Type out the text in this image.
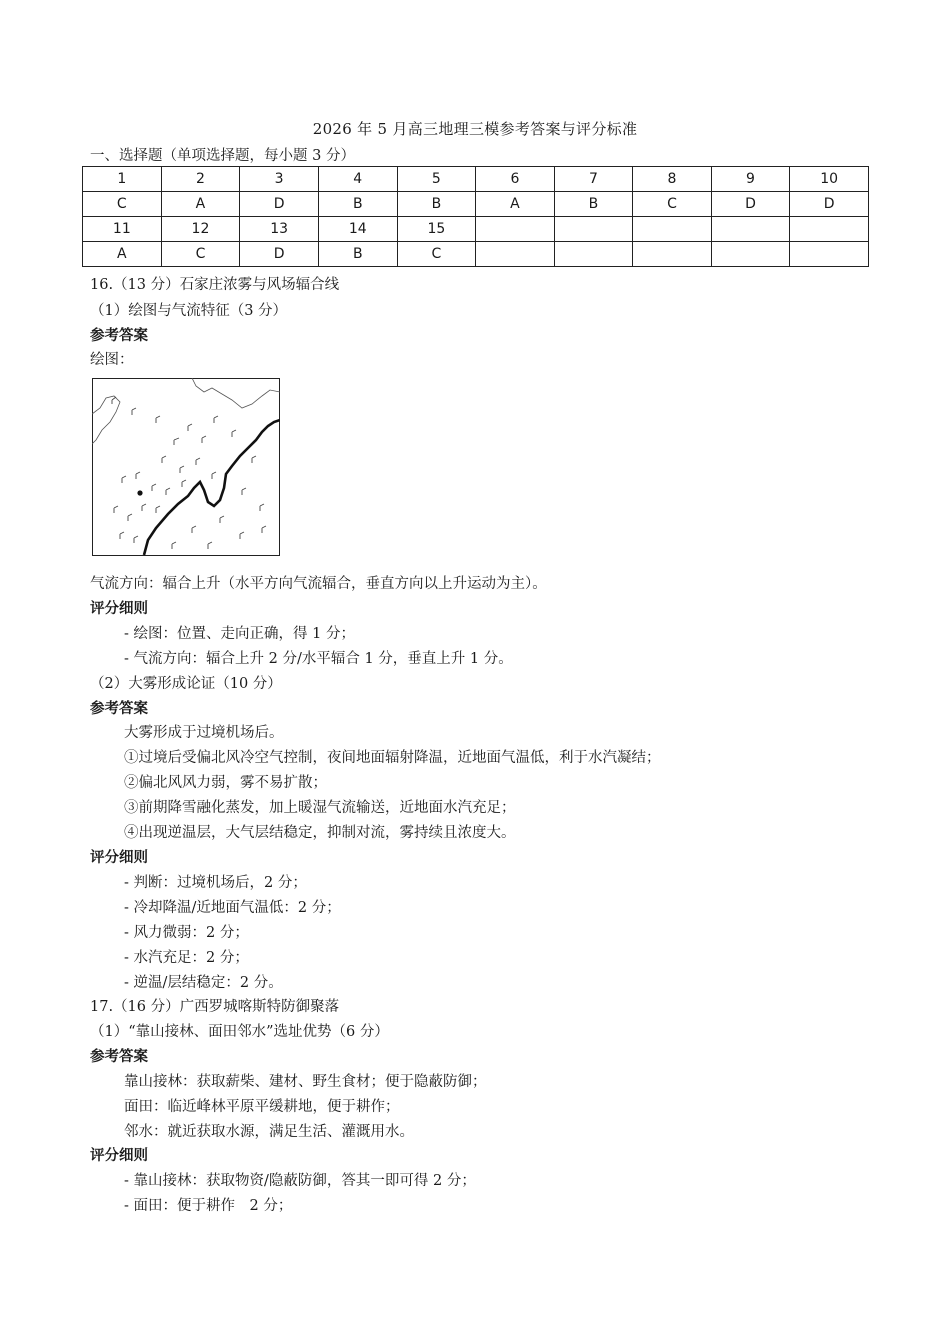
2026 年 5 月高三地理三模参考答案与评分标准
一、选择题（单项选择题，每小题 3 分）
1	2	3	4	5	6	7	8	9	10
C	A	D	B	B	A	B	C	D	D
11	12	13	14	15					
A	C	D	B	C					
16.（13 分）石家庄浓雾与风场辐合线
（1）绘图与气流特征（3 分）
参考答案
绘图：
气流方向：辐合上升（水平方向气流辐合，垂直方向以上升运动为主）。
评分细则
- 绘图：位置、走向正确，得 1 分；
- 气流方向：辐合上升 2 分/水平辐合 1 分，垂直上升 1 分。
（2）大雾形成论证（10 分）
参考答案
大雾形成于过境机场后。
①过境后受偏北风冷空气控制，夜间地面辐射降温，近地面气温低，利于水汽凝结；
②偏北风风力弱，雾不易扩散；
③前期降雪融化蒸发，加上暖湿气流输送，近地面水汽充足；
④出现逆温层，大气层结稳定，抑制对流，雾持续且浓度大。
评分细则
- 判断：过境机场后，2 分；
- 冷却降温/近地面气温低：2 分；
- 风力微弱：2 分；
- 水汽充足：2 分；
- 逆温/层结稳定：2 分。
17.（16 分）广西罗城喀斯特防御聚落
（1）“靠山接林、面田邻水”选址优势（6 分）
参考答案
靠山接林：获取薪柴、建材、野生食材；便于隐蔽防御；
面田：临近峰林平原平缓耕地，便于耕作；
邻水：就近获取水源，满足生活、灌溉用水。
评分细则
- 靠山接林：获取物资/隐蔽防御，答其一即可得 2 分；
- 面田：便于耕作　2 分；
